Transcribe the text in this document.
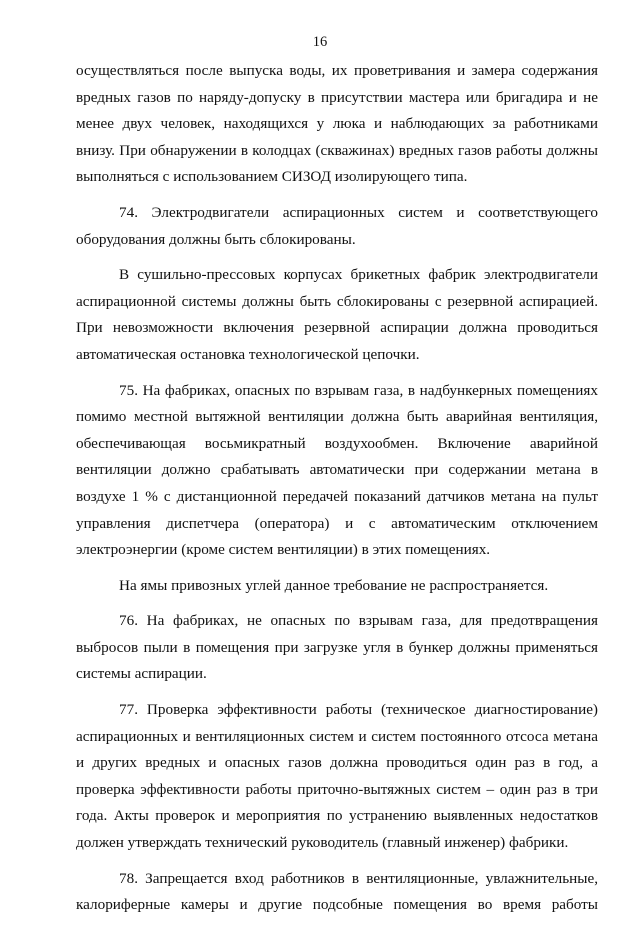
16

осуществляться после выпуска воды, их проветривания и замера содержания вредных газов по наряду-допуску в присутствии мастера или бригадира и не менее двух человек, находящихся у люка и наблюдающих за работниками внизу. При обнаружении в колодцах (скважинах) вредных газов работы должны выполняться с использованием СИЗОД изолирующего типа.

74. Электродвигатели аспирационных систем и соответствующего оборудования должны быть сблокированы.

В сушильно-прессовых корпусах брикетных фабрик электродвигатели аспирационной системы должны быть сблокированы с резервной аспирацией. При невозможности включения резервной аспирации должна проводиться автоматическая остановка технологической цепочки.

75. На фабриках, опасных по взрывам газа, в надбункерных помещениях помимо местной вытяжной вентиляции должна быть аварийная вентиляция, обеспечивающая восьмикратный воздухообмен. Включение аварийной вентиляции должно срабатывать автоматически при содержании метана в воздухе 1 % с дистанционной передачей показаний датчиков метана на пульт управления диспетчера (оператора) и с автоматическим отключением электроэнергии (кроме систем вентиляции) в этих помещениях.

На ямы привозных углей данное требование не распространяется.

76. На фабриках, не опасных по взрывам газа, для предотвращения выбросов пыли в помещения при загрузке угля в бункер должны применяться системы аспирации.

77. Проверка эффективности работы (техническое диагностирование) аспирационных и вентиляционных систем и систем постоянного отсоса метана и других вредных и опасных газов должна проводиться один раз в год, а проверка эффективности работы приточно-вытяжных систем – один раз в три года. Акты проверок и мероприятия по устранению выявленных недостатков должен утверждать технический руководитель (главный инженер) фабрики.

78. Запрещается вход работников в вентиляционные, увлажнительные, калориферные камеры и другие подсобные помещения во время работы
